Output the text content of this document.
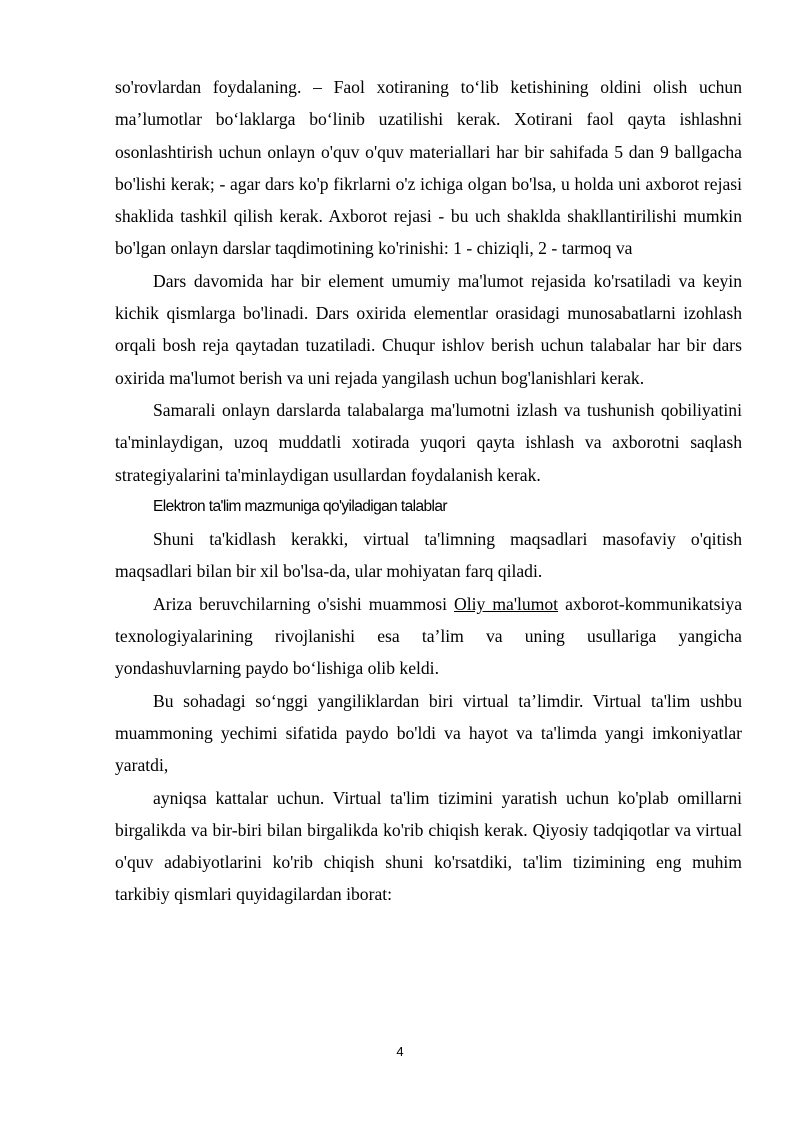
so'rovlardan foydalaning. – Faol xotiraning to‘lib ketishining oldini olish uchun ma’lumotlar bo‘laklarga bo‘linib uzatilishi kerak. Xotirani faol qayta ishlashni osonlashtirish uchun onlayn o'quv o'quv materiallari har bir sahifada 5 dan 9 ballgacha bo'lishi kerak; - agar dars ko'p fikrlarni o'z ichiga olgan bo'lsa, u holda uni axborot rejasi shaklida tashkil qilish kerak. Axborot rejasi - bu uch shaklda shakllantirilishi mumkin bo'lgan onlayn darslar taqdimotining ko'rinishi: 1 - chiziqli, 2 - tarmoq va

Dars davomida har bir element umumiy ma'lumot rejasida ko'rsatiladi va keyin kichik qismlarga bo'linadi. Dars oxirida elementlar orasidagi munosabatlarni izohlash orqali bosh reja qaytadan tuzatiladi. Chuqur ishlov berish uchun talabalar har bir dars oxirida ma'lumot berish va uni rejada yangilash uchun bog'lanishlari kerak.

Samarali onlayn darslarda talabalarga ma'lumotni izlash va tushunish qobiliyatini ta'minlaydigan, uzoq muddatli xotirada yuqori qayta ishlash va axborotni saqlash strategiyalarini ta'minlaydigan usullardan foydalanish kerak.

Elektron ta'lim mazmuniga qo'yiladigan talablar

Shuni ta'kidlash kerakki, virtual ta'limning maqsadlari masofaviy o'qitish maqsadlari bilan bir xil bo'lsa-da, ular mohiyatan farq qiladi.

Ariza beruvchilarning o'sishi muammosi Oliy ma'lumot axborot-kommunikatsiya texnologiyalarining rivojlanishi esa ta’lim va uning usullariga yangicha yondashuvlarning paydo bo‘lishiga olib keldi.

Bu sohadagi so‘nggi yangiliklardan biri virtual ta’limdir. Virtual ta'lim ushbu muammoning yechimi sifatida paydo bo'ldi va hayot va ta'limda yangi imkoniyatlar yaratdi,

ayniqsa kattalar uchun. Virtual ta'lim tizimini yaratish uchun ko'plab omillarni birgalikda va bir-biri bilan birgalikda ko'rib chiqish kerak. Qiyosiy tadqiqotlar va virtual o'quv adabiyotlarini ko'rib chiqish shuni ko'rsatdiki, ta'lim tizimining eng muhim tarkibiy qismlari quyidagilardan iborat:

4
